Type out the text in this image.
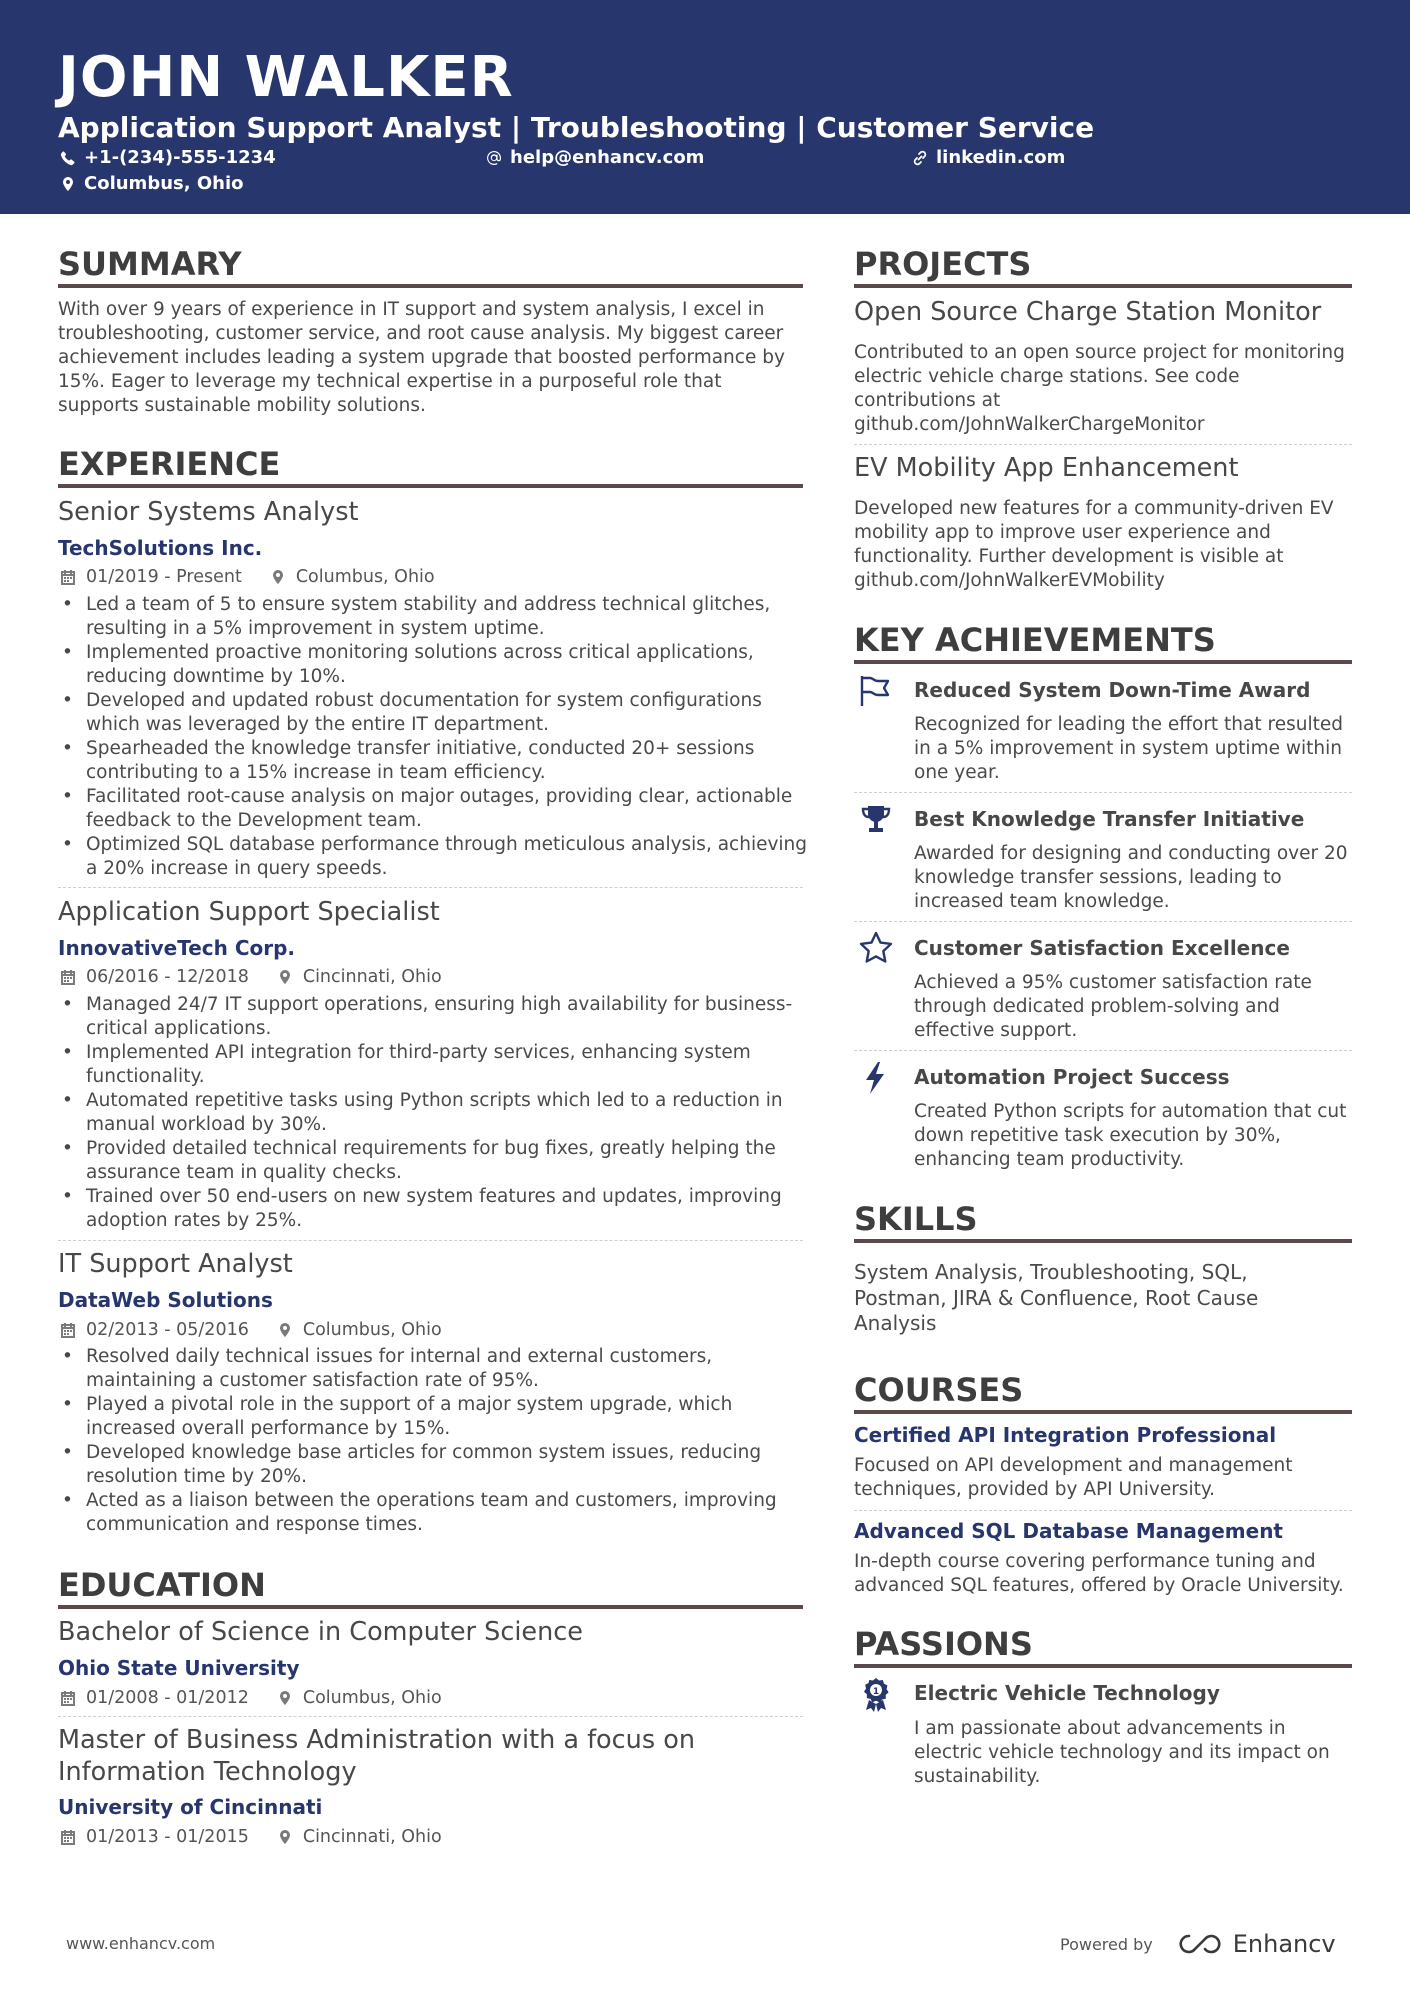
JOHN WALKER
Application Support Analyst | Troubleshooting | Customer Service
+1-(234)-555-1234	help@enhancv.com	linkedin.com
Columbus, Ohio
SUMMARY
With over 9 years of experience in IT support and system analysis, I excel in troubleshooting, customer service, and root cause analysis. My biggest career achievement includes leading a system upgrade that boosted performance by 15%. Eager to leverage my technical expertise in a purposeful role that supports sustainable mobility solutions.
EXPERIENCE
Senior Systems Analyst
TechSolutions Inc.
01/2019 - Present	Columbus, Ohio
• Led a team of 5 to ensure system stability and address technical glitches, resulting in a 5% improvement in system uptime.
• Implemented proactive monitoring solutions across critical applications, reducing downtime by 10%.
• Developed and updated robust documentation for system configurations which was leveraged by the entire IT department.
• Spearheaded the knowledge transfer initiative, conducted 20+ sessions contributing to a 15% increase in team efficiency.
• Facilitated root-cause analysis on major outages, providing clear, actionable feedback to the Development team.
• Optimized SQL database performance through meticulous analysis, achieving a 20% increase in query speeds.
Application Support Specialist
InnovativeTech Corp.
06/2016 - 12/2018	Cincinnati, Ohio
• Managed 24/7 IT support operations, ensuring high availability for business-critical applications.
• Implemented API integration for third-party services, enhancing system functionality.
• Automated repetitive tasks using Python scripts which led to a reduction in manual workload by 30%.
• Provided detailed technical requirements for bug fixes, greatly helping the assurance team in quality checks.
• Trained over 50 end-users on new system features and updates, improving adoption rates by 25%.
IT Support Analyst
DataWeb Solutions
02/2013 - 05/2016	Columbus, Ohio
• Resolved daily technical issues for internal and external customers, maintaining a customer satisfaction rate of 95%.
• Played a pivotal role in the support of a major system upgrade, which increased overall performance by 15%.
• Developed knowledge base articles for common system issues, reducing resolution time by 20%.
• Acted as a liaison between the operations team and customers, improving communication and response times.
EDUCATION
Bachelor of Science in Computer Science
Ohio State University
01/2008 - 01/2012	Columbus, Ohio
Master of Business Administration with a focus on Information Technology
University of Cincinnati
01/2013 - 01/2015	Cincinnati, Ohio
PROJECTS
Open Source Charge Station Monitor
Contributed to an open source project for monitoring electric vehicle charge stations. See code contributions at github.com/JohnWalkerChargeMonitor
EV Mobility App Enhancement
Developed new features for a community-driven EV mobility app to improve user experience and functionality. Further development is visible at github.com/JohnWalkerEVMobility
KEY ACHIEVEMENTS
Reduced System Down-Time Award
Recognized for leading the effort that resulted in a 5% improvement in system uptime within one year.
Best Knowledge Transfer Initiative
Awarded for designing and conducting over 20 knowledge transfer sessions, leading to increased team knowledge.
Customer Satisfaction Excellence
Achieved a 95% customer satisfaction rate through dedicated problem-solving and effective support.
Automation Project Success
Created Python scripts for automation that cut down repetitive task execution by 30%, enhancing team productivity.
SKILLS
System Analysis, Troubleshooting, SQL, Postman, JIRA & Confluence, Root Cause Analysis
COURSES
Certified API Integration Professional
Focused on API development and management techniques, provided by API University.
Advanced SQL Database Management
In-depth course covering performance tuning and advanced SQL features, offered by Oracle University.
PASSIONS
1 Electric Vehicle Technology
I am passionate about advancements in electric vehicle technology and its impact on sustainability.
www.enhancv.com	Powered by	Enhancv
